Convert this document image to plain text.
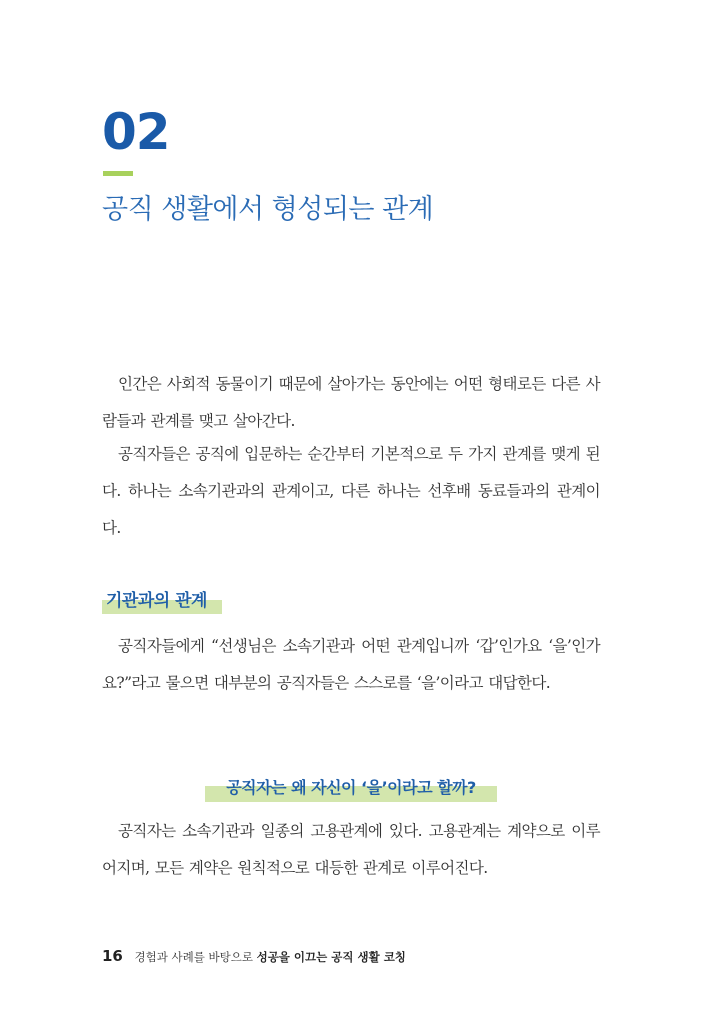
02
공직 생활에서 형성되는 관계

인간은 사회적 동물이기 때문에 살아가는 동안에는 어떤 형태로든 다른 사람들과 관계를 맺고 살아간다.

공직자들은 공직에 입문하는 순간부터 기본적으로 두 가지 관계를 맺게 된다. 하나는 소속기관과의 관계이고, 다른 하나는 선후배 동료들과의 관계이다.

기관과의 관계

공직자들에게 “선생님은 소속기관과 어떤 관계입니까 ‘갑’인가요 ‘을’인가요?”라고 물으면 대부분의 공직자들은 스스로를 ‘을’이라고 대답한다.

공직자는 왜 자신이 ‘을’이라고 할까?

공직자는 소속기관과 일종의 고용관계에 있다. 고용관계는 계약으로 이루어지며, 모든 계약은 원칙적으로 대등한 관계로 이루어진다.

16 경험과 사례를 바탕으로 성공을 이끄는 공직 생활 코칭
